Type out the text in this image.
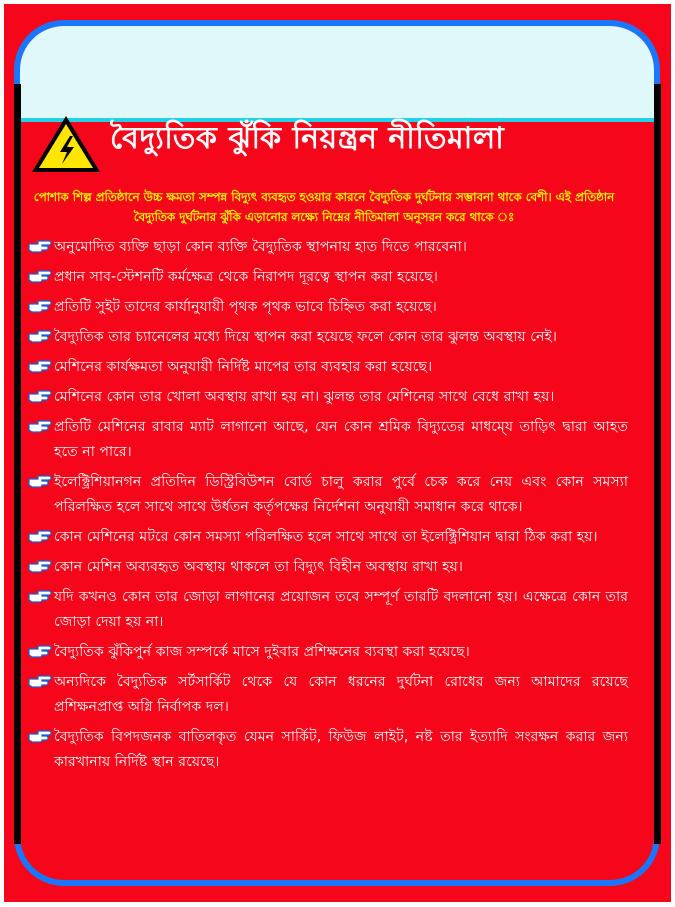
বৈদ্যুতিক ঝুঁকি নিয়ন্ত্রন নীতিমালা
পোশাক শিল্প প্রতিষ্ঠানে উচ্চ ক্ষমতা সম্পন্ন বিদ্যুৎ ব্যবহৃত হওয়ার কারনে বৈদ্যুতিক দুর্ঘটনার সম্ভাবনা থাকে বেশী। এই প্রতিষ্ঠান বৈদ্যুতিক দুর্ঘটনার ঝুঁকি এড়ানোর লক্ষ্যে নিম্নের নীতিমালা অনুসরন করে থাকে ঃ
অনুমোদিত ব্যক্তি ছাড়া কোন ব্যক্তি বৈদ্যুতিক স্থাপনায় হাত দিতে পারবেনা।
প্রধান সাব-স্টেশনটি কর্মক্ষেত্র থেকে নিরাপদ দূরত্বে স্থাপন করা হয়েছে।
প্রতিটি সুইট তাদের কার্যানুযায়ী পৃথক পৃথক ভাবে চিহ্নিত করা হয়েছে।
বৈদ্যুতিক তার চ্যানেলের মধ্যে দিয়ে স্থাপন করা হয়েছে ফলে কোন তার ঝুলন্ত অবস্থায় নেই।
মেশিনের কার্যক্ষমতা অনুযায়ী নির্দিষ্ট মাপের তার ব্যবহার করা হয়েছে।
মেশিনের কোন তার খোলা অবস্থায় রাখা হয় না। ঝুলন্ত তার মেশিনের সাথে বেধে রাখা হয়।
প্রতিটি মেশিনের রাবার ম্যাট লাগানো আছে, যেন কোন শ্রমিক বিদ্যুতের মাধমে্য তাড়িৎ দ্বারা আহত হতে না পারে।
ইলেক্ট্রিশিয়ানগন প্রতিদিন ডিস্ট্রিবিউশন বোর্ড চালু করার পুর্বে চেক করে নেয় এবং কোন সমস্যা পরিলক্ষিত হলে সাথে সাথে উর্ধতন কর্তৃপক্ষের নির্দেশনা অনুযায়ী সমাধান করে থাকে।
কোন মেশিনের মটরে কোন সমস্যা পরিলক্ষিত হলে সাথে সাথে তা ইলেক্ট্রিশিয়ান দ্বারা ঠিক করা হয়।
কোন মেশিন অব্যবহৃত অবস্থায় থাকলে তা বিদ্যুৎ বিহীন অবস্থায় রাখা হয়।
যদি কখনও কোন তার জোড়া লাগানের প্রয়োজন তবে সম্পূর্ণ তারটি বদলানো হয়। এক্ষেত্রে কোন তার জোড়া দেয়া হয় না।
বৈদ্যুতিক ঝুঁকিপুর্ন কাজ সম্পর্কে মাসে দুইবার প্রশিক্ষনের ব্যবস্থা করা হয়েছে।
অন্যদিকে বৈদ্যুতিক সর্টসার্কিট থেকে যে কোন ধরনের দুর্ঘটনা রোধের জন্য আমাদের রয়েছে প্রশিক্ষনপ্রাপ্ত অগ্নি নির্বাপক দল।
বৈদ্যুতিক বিপদজনক বাতিলকৃত যেমন সার্কিট, ফিউজ লাইট, নষ্ট তার ইত্যাদি সংরক্ষন করার জন্য কারখানায় নির্দিষ্ট স্থান রয়েছে।
